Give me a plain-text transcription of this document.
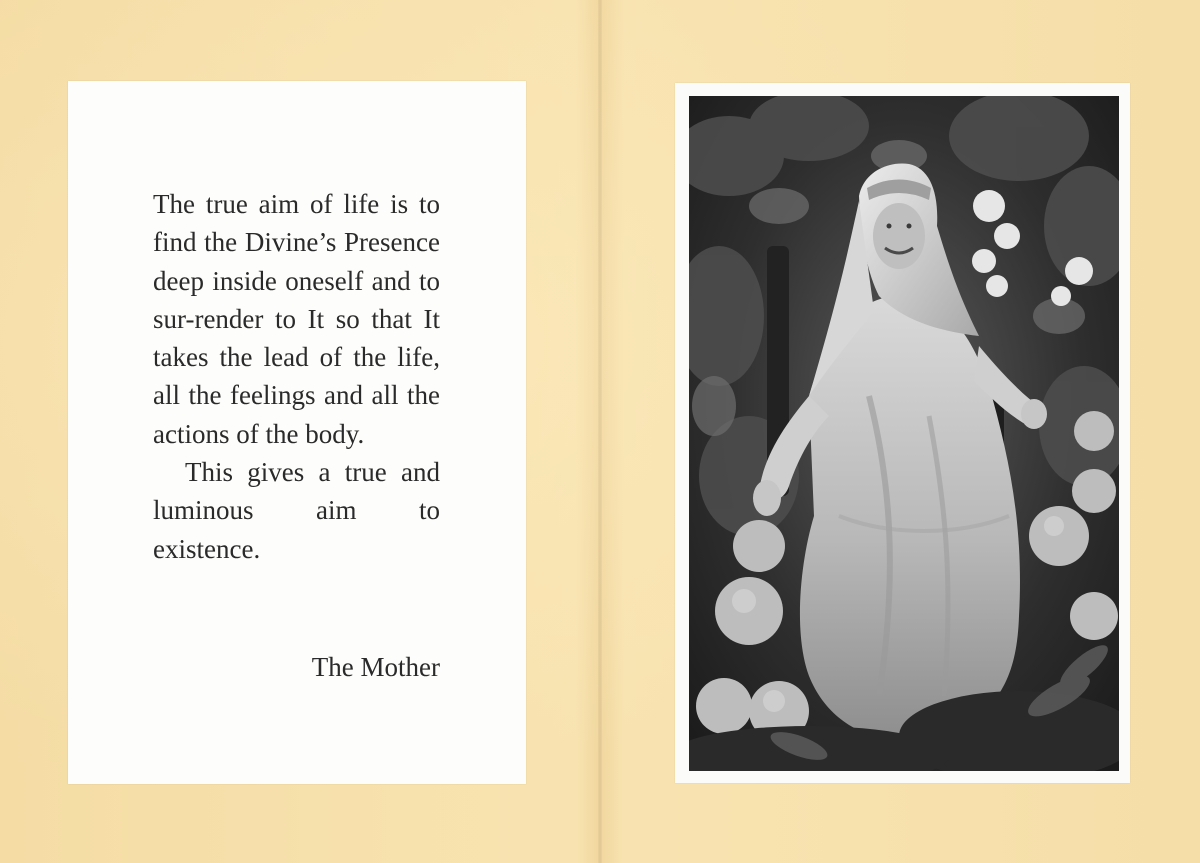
The true aim of life is to find the Divine’s Presence deep inside oneself and to sur-render to It so that It takes the lead of the life, all the feelings and all the actions of the body.

This gives a true and luminous aim to existence.

The Mother
